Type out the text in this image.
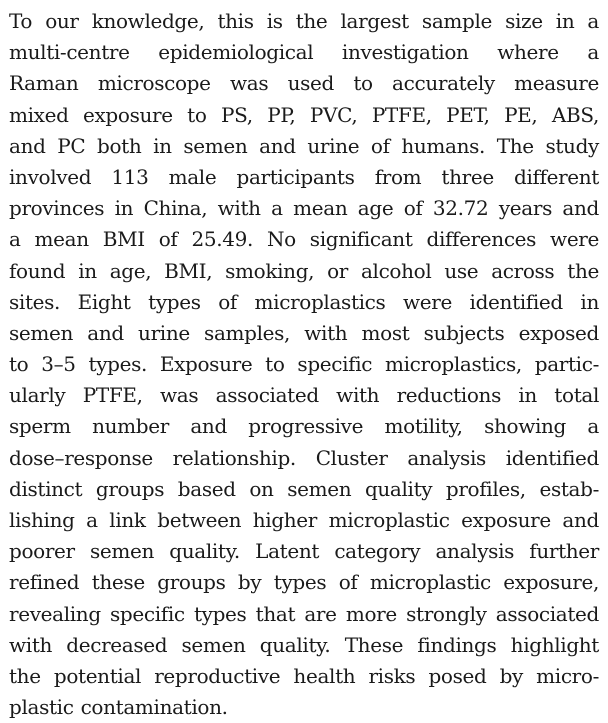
To our knowledge, this is the largest sample size in a
multi-centre epidemiological investigation where a
Raman microscope was used to accurately measure
mixed exposure to PS, PP, PVC, PTFE, PET, PE, ABS,
and PC both in semen and urine of humans. The study
involved 113 male participants from three different
provinces in China, with a mean age of 32.72 years and
a mean BMI of 25.49. No significant differences were
found in age, BMI, smoking, or alcohol use across the
sites. Eight types of microplastics were identified in
semen and urine samples, with most subjects exposed
to 3–5 types. Exposure to specific microplastics, partic-
ularly PTFE, was associated with reductions in total
sperm number and progressive motility, showing a
dose–response relationship. Cluster analysis identified
distinct groups based on semen quality profiles, estab-
lishing a link between higher microplastic exposure and
poorer semen quality. Latent category analysis further
refined these groups by types of microplastic exposure,
revealing specific types that are more strongly associated
with decreased semen quality. These findings highlight
the potential reproductive health risks posed by micro-
plastic contamination.
